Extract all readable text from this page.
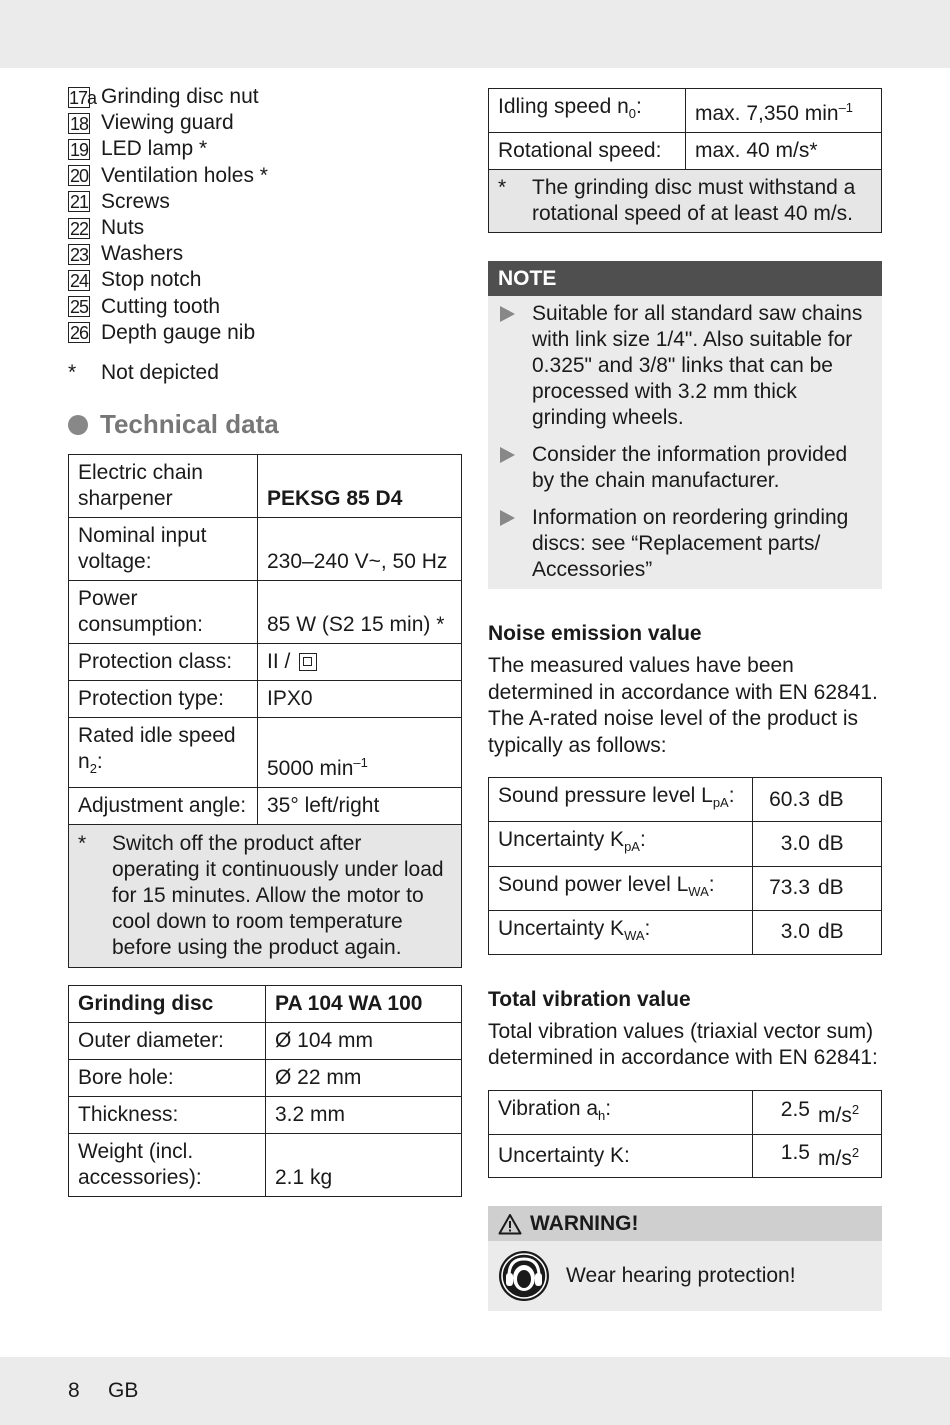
17a Grinding disc nut
18 Viewing guard
19 LED lamp *
20 Ventilation holes *
21 Screws
22 Nuts
23 Washers
24 Stop notch
25 Cutting tooth
26 Depth gauge nib
*	Not depicted
Technical data
Electric chain sharpener	PEKSG 85 D4
Nominal input voltage:	230–240 V~, 50 Hz
Power consumption:	85 W (S2 15 min) *
Protection class:	II /
Protection type:	IPX0
Rated idle speed $n_2$:	5000 $\min^{-1}$
Adjustment angle:	35° left/right

* Switch off the product after operating it continuously under load for 15 minutes. Allow the motor to cool down to room temperature before using the product again.	
Grinding disc	PA 104 WA 100
Outer diameter:	Ø 104 mm
Bore hole:	Ø 22 mm
Thickness:	3.2 mm
Weight (incl. accessories):	2.1 kg
Idling speed $n_0$:	max. 7,350 $\min^{-1}$
Rotational speed:	max. 40 m/s*

* The grinding disc must withstand a rotational speed of at least 40 m/s.	
NOTE
Suitable for all standard saw chains with link size 1/4". Also suitable for 0.325" and 3/8" links that can be processed with 3.2 mm thick grinding wheels.
Consider the information provided by the chain manufacturer.
Information on reordering grinding discs: see “Replacement parts/ Accessories”
Noise emission value

The measured values have been determined in accordance with EN 62841. The A-rated noise level of the product is typically as follows:

Sound pressure level $L_{pA}$:	60.3 dB

Uncertainty $K_{pA}$:	3.0 dB

Sound power level $L_{WA}$:	73.3 dB

Uncertainty $K_{WA}$:	3.0 dB
Total vibration value

Total vibration values (triaxial vector sum) determined in accordance with EN 62841:

Vibration $a_h$:	2.5 $m/s^2$

Uncertainty K:	1.5 $m/s^2$
WARNING!
Wear hearing protection!
8 GB
